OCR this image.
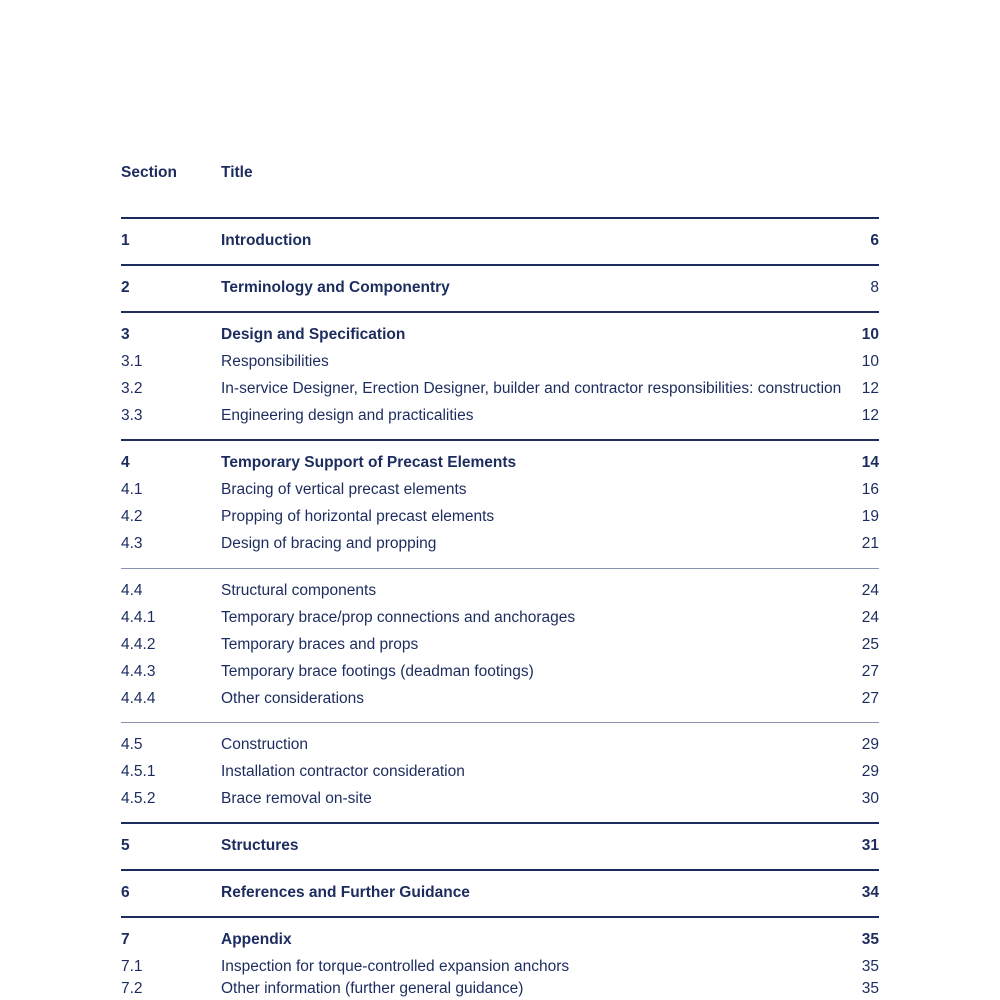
Section	Title
1	Introduction	6
2	Terminology and Componentry	8
3	Design and Specification	10
3.1	Responsibilities	10
3.2	In-service Designer, Erection Designer, builder and contractor responsibilities: construction 12
3.3	Engineering design and practicalities	12
4	Temporary Support of Precast Elements	14
4.1	Bracing of vertical precast elements	16
4.2	Propping of horizontal precast elements	19
4.3	Design of bracing and propping	21
4.4	Structural components	24
4.4.1	Temporary brace/prop connections and anchorages	24
4.4.2	Temporary braces and props	25
4.4.3	Temporary brace footings (deadman footings)	27
4.4.4	Other considerations	27
4.5	Construction	29
4.5.1	Installation contractor consideration	29
4.5.2	Brace removal on-site	30
5	Structures	31
6	References and Further Guidance	34
7	Appendix	35
7.1	Inspection for torque-controlled expansion anchors	35
7.2	Other information (further general guidance)	35
